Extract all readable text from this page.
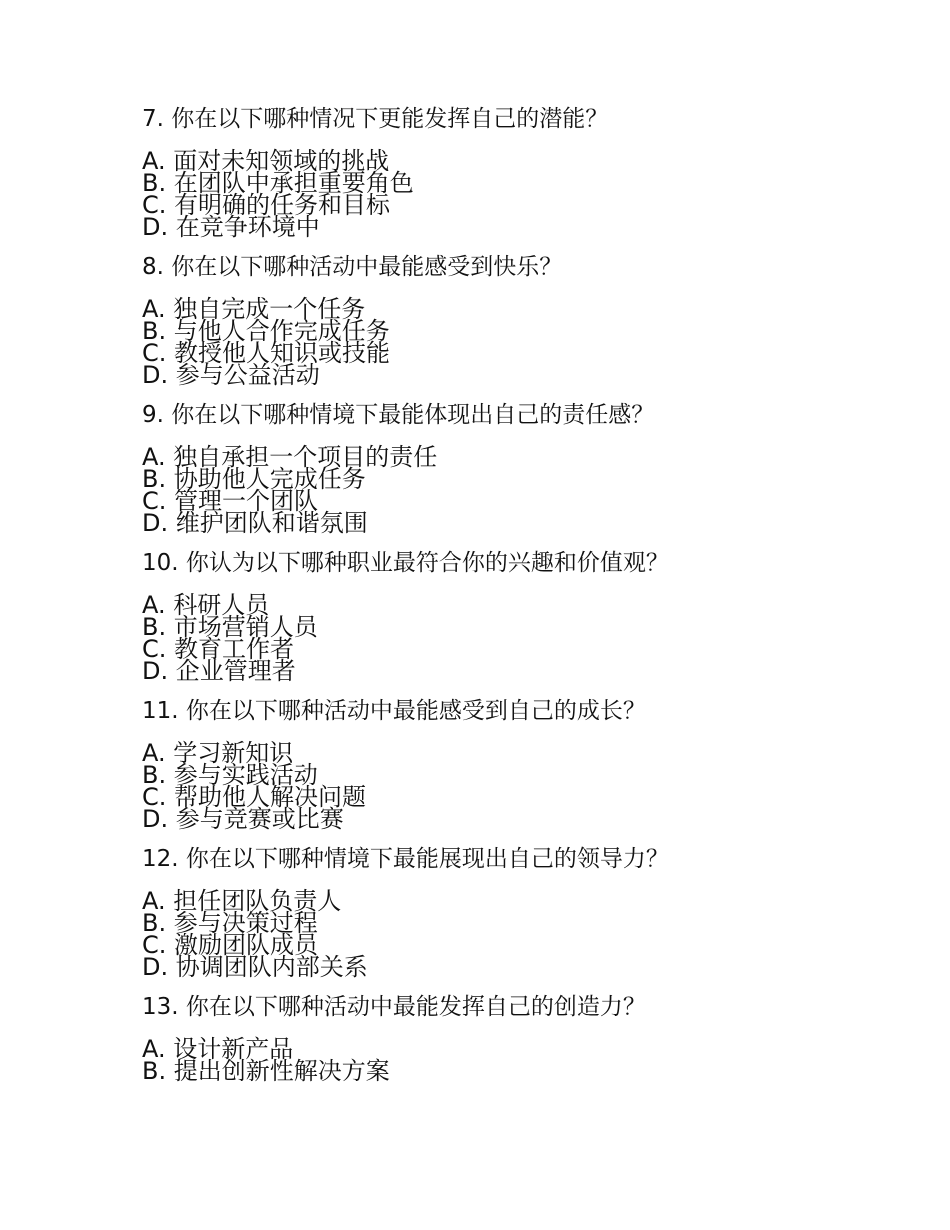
7. 你在以下哪种情况下更能发挥自己的潜能？
A. 面对未知领域的挑战
B. 在团队中承担重要角色
C. 有明确的任务和目标
D. 在竞争环境中
8. 你在以下哪种活动中最能感受到快乐？
A. 独自完成一个任务
B. 与他人合作完成任务
C. 教授他人知识或技能
D. 参与公益活动
9. 你在以下哪种情境下最能体现出自己的责任感？
A. 独自承担一个项目的责任
B. 协助他人完成任务
C. 管理一个团队
D. 维护团队和谐氛围
10. 你认为以下哪种职业最符合你的兴趣和价值观？
A. 科研人员
B. 市场营销人员
C. 教育工作者
D. 企业管理者
11. 你在以下哪种活动中最能感受到自己的成长？
A. 学习新知识
B. 参与实践活动
C. 帮助他人解决问题
D. 参与竞赛或比赛
12. 你在以下哪种情境下最能展现出自己的领导力？
A. 担任团队负责人
B. 参与决策过程
C. 激励团队成员
D. 协调团队内部关系
13. 你在以下哪种活动中最能发挥自己的创造力？
A. 设计新产品
B. 提出创新性解决方案
